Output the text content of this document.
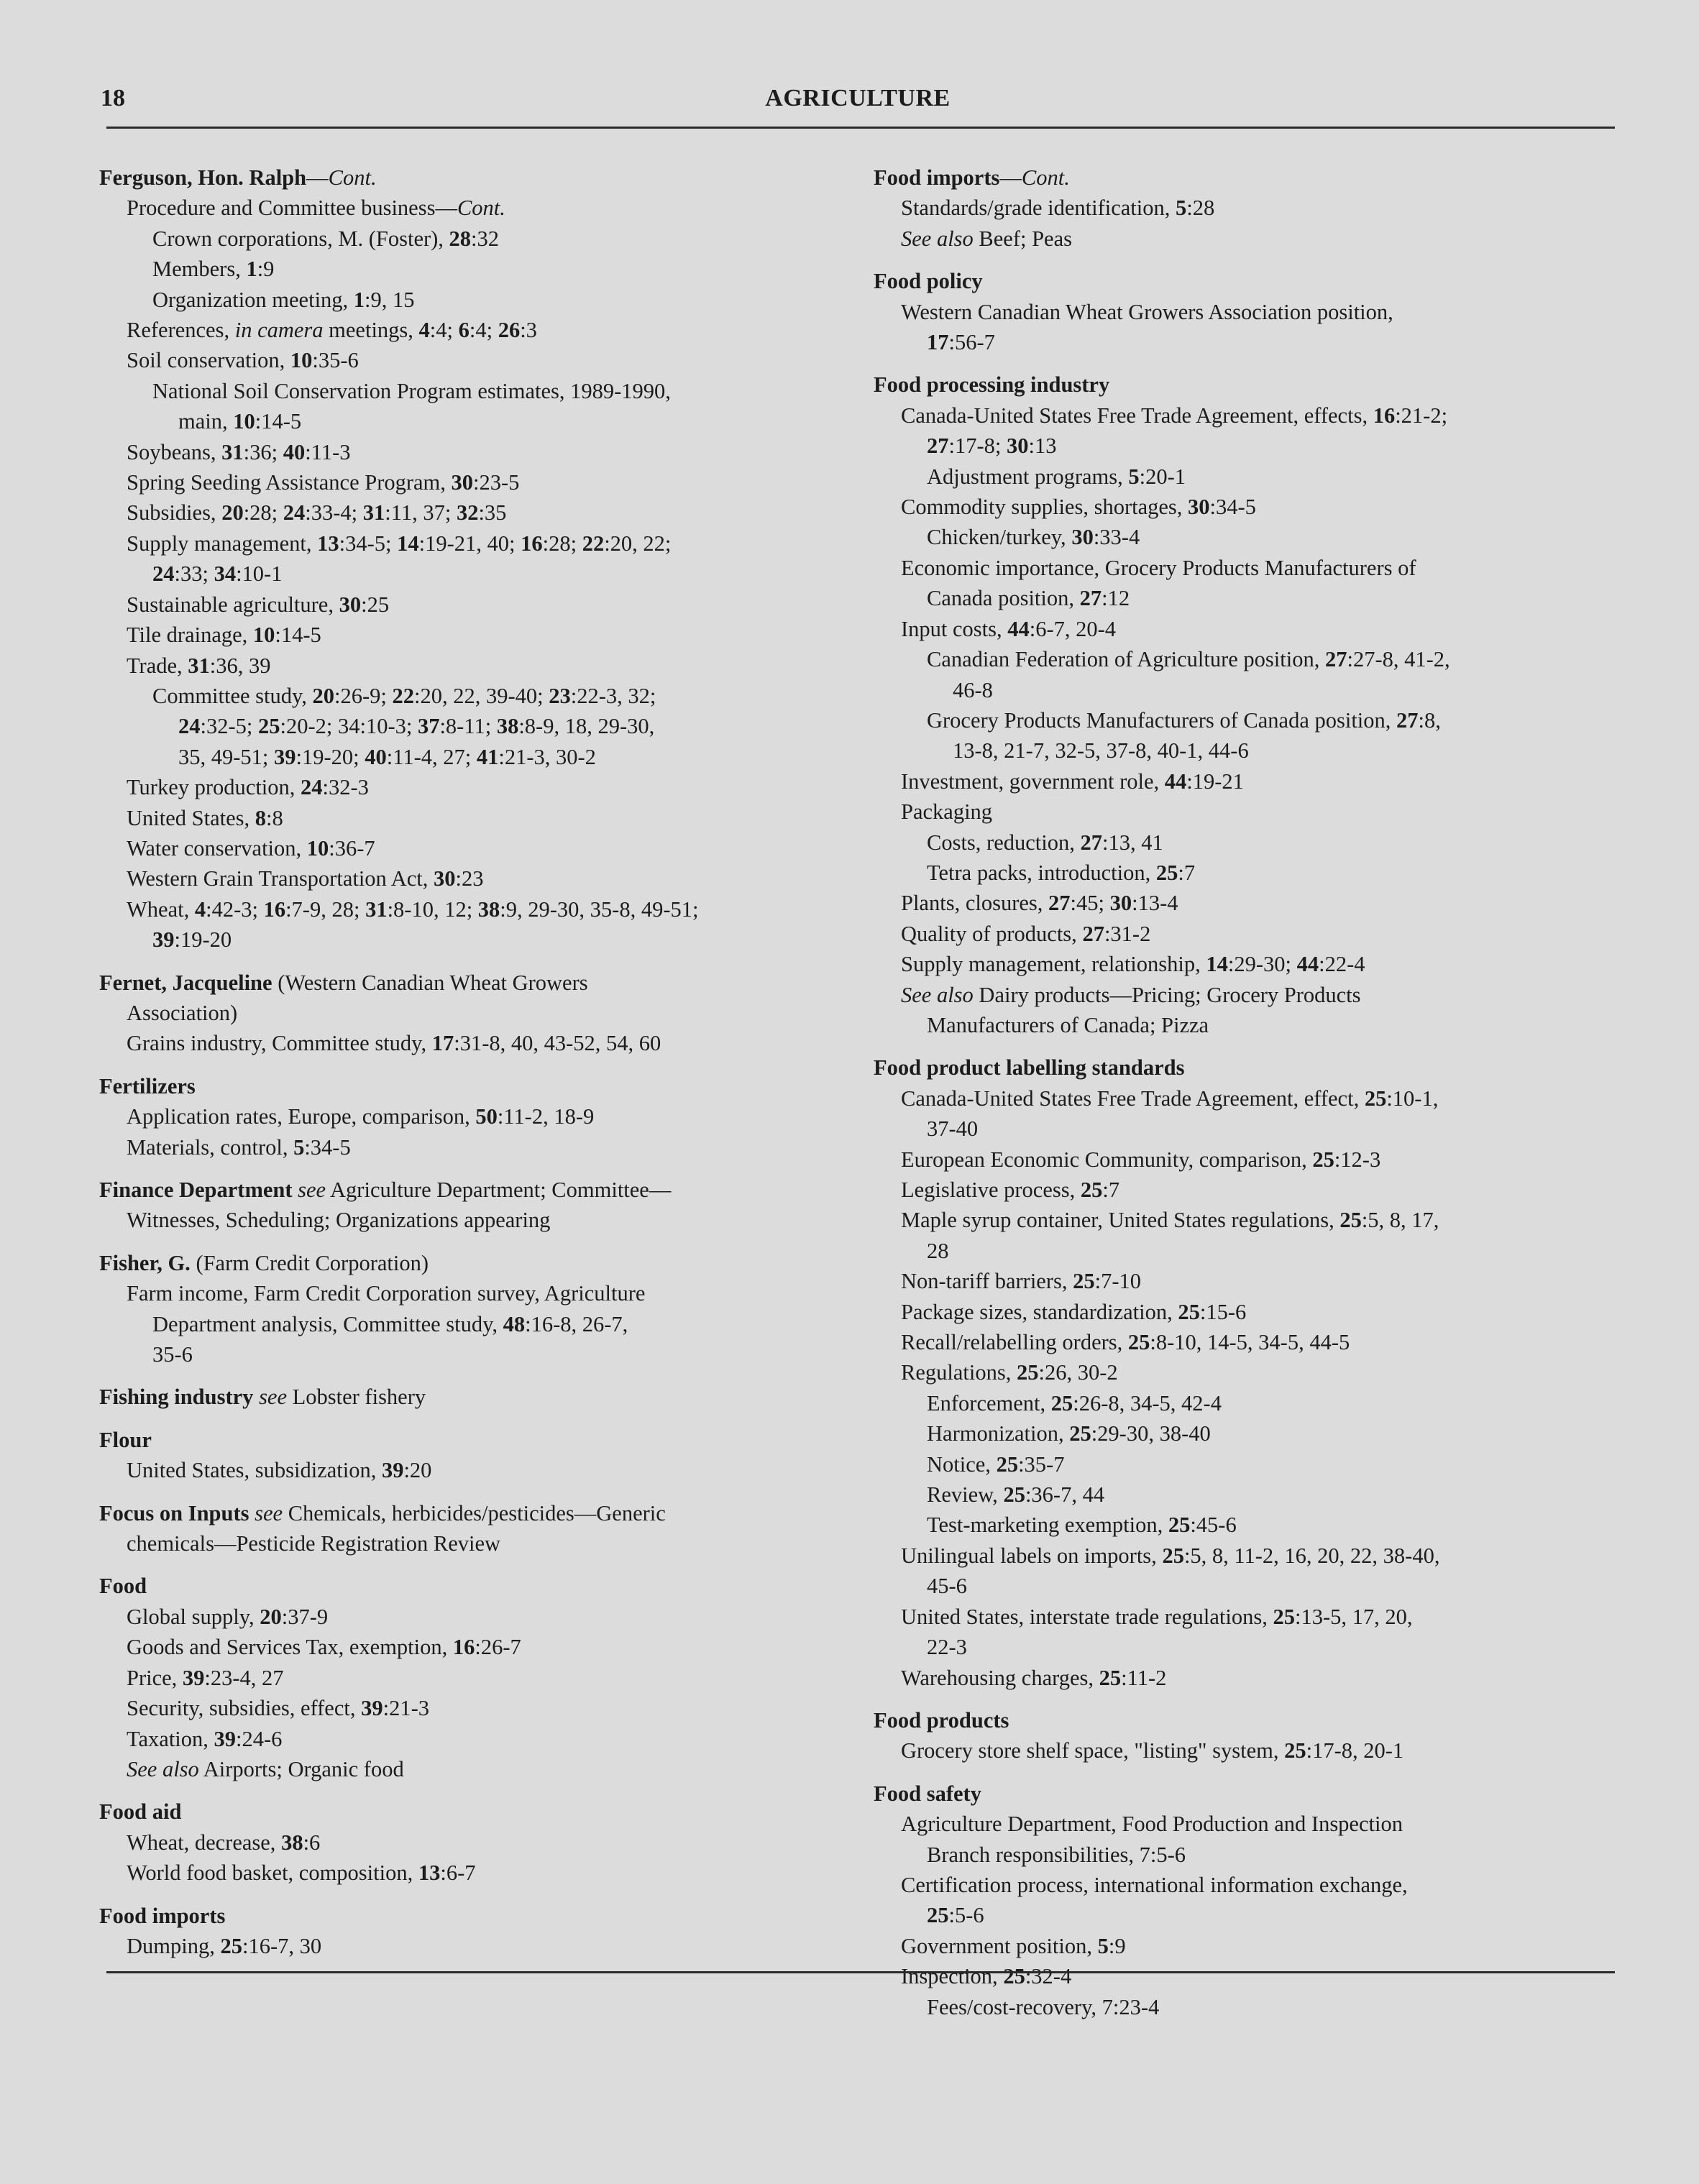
18	AGRICULTURE
Ferguson, Hon. Ralph—Cont.
Procedure and Committee business—Cont.
Crown corporations, M. (Foster), 28:32
Members, 1:9
Organization meeting, 1:9, 15
References, in camera meetings, 4:4; 6:4; 26:3
Soil conservation, 10:35-6
National Soil Conservation Program estimates, 1989-1990,
main, 10:14-5
Soybeans, 31:36; 40:11-3
Spring Seeding Assistance Program, 30:23-5
Subsidies, 20:28; 24:33-4; 31:11, 37; 32:35
Supply management, 13:34-5; 14:19-21, 40; 16:28; 22:20, 22;
24:33; 34:10-1
Sustainable agriculture, 30:25
Tile drainage, 10:14-5
Trade, 31:36, 39
Committee study, 20:26-9; 22:20, 22, 39-40; 23:22-3, 32;
24:32-5; 25:20-2; 34:10-3; 37:8-11; 38:8-9, 18, 29-30,
35, 49-51; 39:19-20; 40:11-4, 27; 41:21-3, 30-2
Turkey production, 24:32-3
United States, 8:8
Water conservation, 10:36-7
Western Grain Transportation Act, 30:23
Wheat, 4:42-3; 16:7-9, 28; 31:8-10, 12; 38:9, 29-30, 35-8, 49-51;
39:19-20
Fernet, Jacqueline (Western Canadian Wheat Growers
Association)
Grains industry, Committee study, 17:31-8, 40, 43-52, 54, 60
Fertilizers
Application rates, Europe, comparison, 50:11-2, 18-9
Materials, control, 5:34-5
Finance Department see Agriculture Department; Committee—
Witnesses, Scheduling; Organizations appearing
Fisher, G. (Farm Credit Corporation)
Farm income, Farm Credit Corporation survey, Agriculture
Department analysis, Committee study, 48:16-8, 26-7,
35-6
Fishing industry see Lobster fishery
Flour
United States, subsidization, 39:20
Focus on Inputs see Chemicals, herbicides/pesticides—Generic
chemicals—Pesticide Registration Review
Food
Global supply, 20:37-9
Goods and Services Tax, exemption, 16:26-7
Price, 39:23-4, 27
Security, subsidies, effect, 39:21-3
Taxation, 39:24-6
See also Airports; Organic food
Food aid
Wheat, decrease, 38:6
World food basket, composition, 13:6-7
Food imports
Dumping, 25:16-7, 30
Food imports—Cont.
Standards/grade identification, 5:28
See also Beef; Peas
Food policy
Western Canadian Wheat Growers Association position,
17:56-7
Food processing industry
Canada-United States Free Trade Agreement, effects, 16:21-2;
27:17-8; 30:13
Adjustment programs, 5:20-1
Commodity supplies, shortages, 30:34-5
Chicken/turkey, 30:33-4
Economic importance, Grocery Products Manufacturers of
Canada position, 27:12
Input costs, 44:6-7, 20-4
Canadian Federation of Agriculture position, 27:27-8, 41-2,
46-8
Grocery Products Manufacturers of Canada position, 27:8,
13-8, 21-7, 32-5, 37-8, 40-1, 44-6
Investment, government role, 44:19-21
Packaging
Costs, reduction, 27:13, 41
Tetra packs, introduction, 25:7
Plants, closures, 27:45; 30:13-4
Quality of products, 27:31-2
Supply management, relationship, 14:29-30; 44:22-4
See also Dairy products—Pricing; Grocery Products
Manufacturers of Canada; Pizza
Food product labelling standards
Canada-United States Free Trade Agreement, effect, 25:10-1,
37-40
European Economic Community, comparison, 25:12-3
Legislative process, 25:7
Maple syrup container, United States regulations, 25:5, 8, 17,
28
Non-tariff barriers, 25:7-10
Package sizes, standardization, 25:15-6
Recall/relabelling orders, 25:8-10, 14-5, 34-5, 44-5
Regulations, 25:26, 30-2
Enforcement, 25:26-8, 34-5, 42-4
Harmonization, 25:29-30, 38-40
Notice, 25:35-7
Review, 25:36-7, 44
Test-marketing exemption, 25:45-6
Unilingual labels on imports, 25:5, 8, 11-2, 16, 20, 22, 38-40,
45-6
United States, interstate trade regulations, 25:13-5, 17, 20,
22-3
Warehousing charges, 25:11-2
Food products
Grocery store shelf space, "listing" system, 25:17-8, 20-1
Food safety
Agriculture Department, Food Production and Inspection
Branch responsibilities, 7:5-6
Certification process, international information exchange,
25:5-6
Government position, 5:9
Inspection, 25:32-4
Fees/cost-recovery, 7:23-4
